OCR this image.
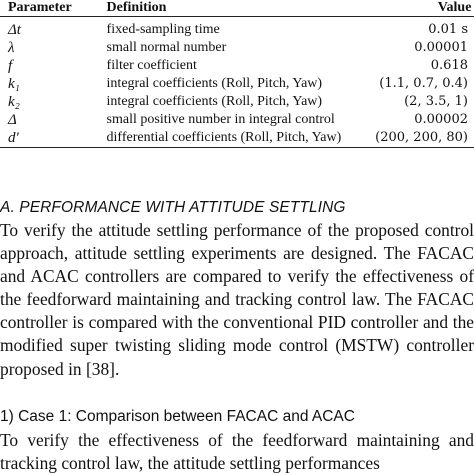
Parameter	Definition	Value
Δt	fixed-sampling time	0.01 s
λ	small normal number	0.00001
f	filter coefficient	0.618
k₁	integral coefficients (Roll, Pitch, Yaw)	(1.1, 0.7, 0.4)
k₂	integral coefficients (Roll, Pitch, Yaw)	(2, 3.5, 1)
Δ	small positive number in integral control	0.00002
d′	differential coefficients (Roll, Pitch, Yaw)	(200, 200, 80)
A. PERFORMANCE WITH ATTITUDE SETTLING

To verify the attitude settling performance of the proposed control approach, attitude settling experiments are designed. The FACAC and ACAC controllers are compared to verify the effectiveness of the feedforward maintaining and tracking control law. The FACAC controller is compared with the conventional PID controller and the modified super twisting sliding mode control (MSTW) controller proposed in [38].

1) Case 1: Comparison between FACAC and ACAC

To verify the effectiveness of the feedforward maintaining and tracking control law, the attitude settling performances
